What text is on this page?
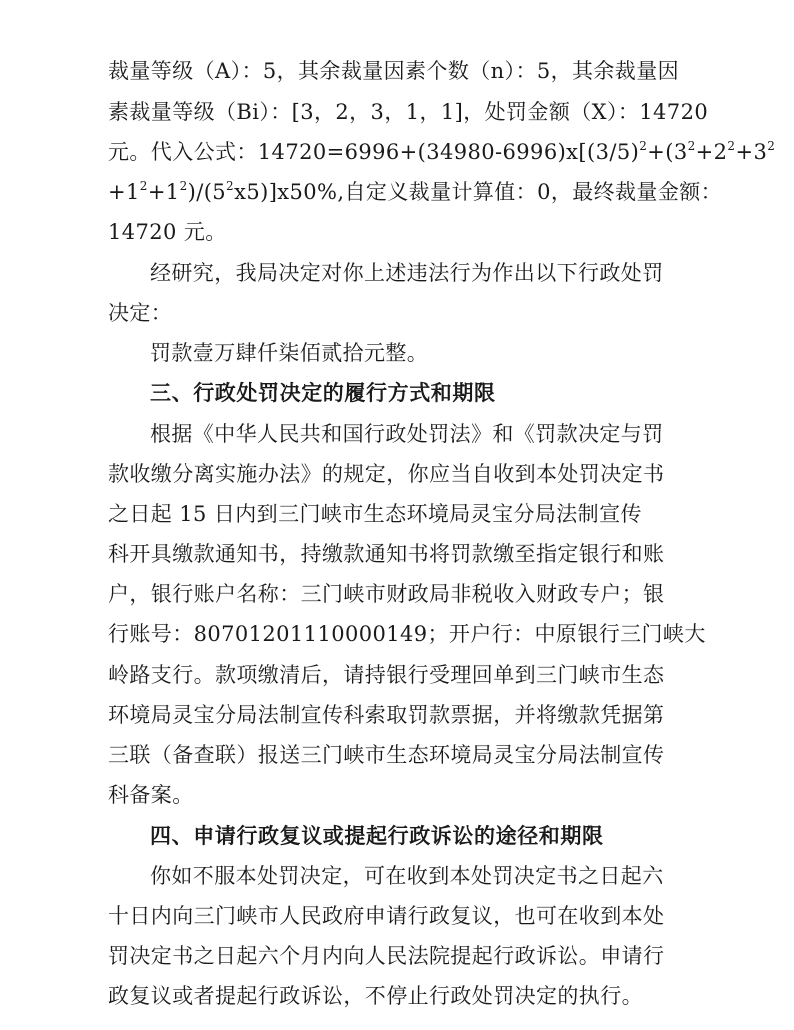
裁量等级（A）：5，其余裁量因素个数（n）：5，其余裁量因
素裁量等级（Bi）：[3，2，3，1，1]，处罚金额（X）：14720
元。代入公式：$14720=6996+(34980-6996)x[(3/5)^2+(3^2+2^2+3^2$
$+1^2+1^2)/(5^2x5)]x50\%$,自定义裁量计算值：0，最终裁量金额：
14720 元。
经研究，我局决定对你上述违法行为作出以下行政处罚
决定：
罚款壹万肆仟柒佰贰拾元整。
三、行政处罚决定的履行方式和期限
根据《中华人民共和国行政处罚法》和《罚款决定与罚
款收缴分离实施办法》的规定，你应当自收到本处罚决定书
之日起 15 日内到三门峡市生态环境局灵宝分局法制宣传
科开具缴款通知书，持缴款通知书将罚款缴至指定银行和账
户，银行账户名称：三门峡市财政局非税收入财政专户；银
行账号：80701201110000149；开户行：中原银行三门峡大
岭路支行。款项缴清后，请持银行受理回单到三门峡市生态
环境局灵宝分局法制宣传科索取罚款票据，并将缴款凭据第
三联（备查联）报送三门峡市生态环境局灵宝分局法制宣传
科备案。
四、申请行政复议或提起行政诉讼的途径和期限
你如不服本处罚决定，可在收到本处罚决定书之日起六
十日内向三门峡市人民政府申请行政复议，也可在收到本处
罚决定书之日起六个月内向人民法院提起行政诉讼。申请行
政复议或者提起行政诉讼，不停止行政处罚决定的执行。
